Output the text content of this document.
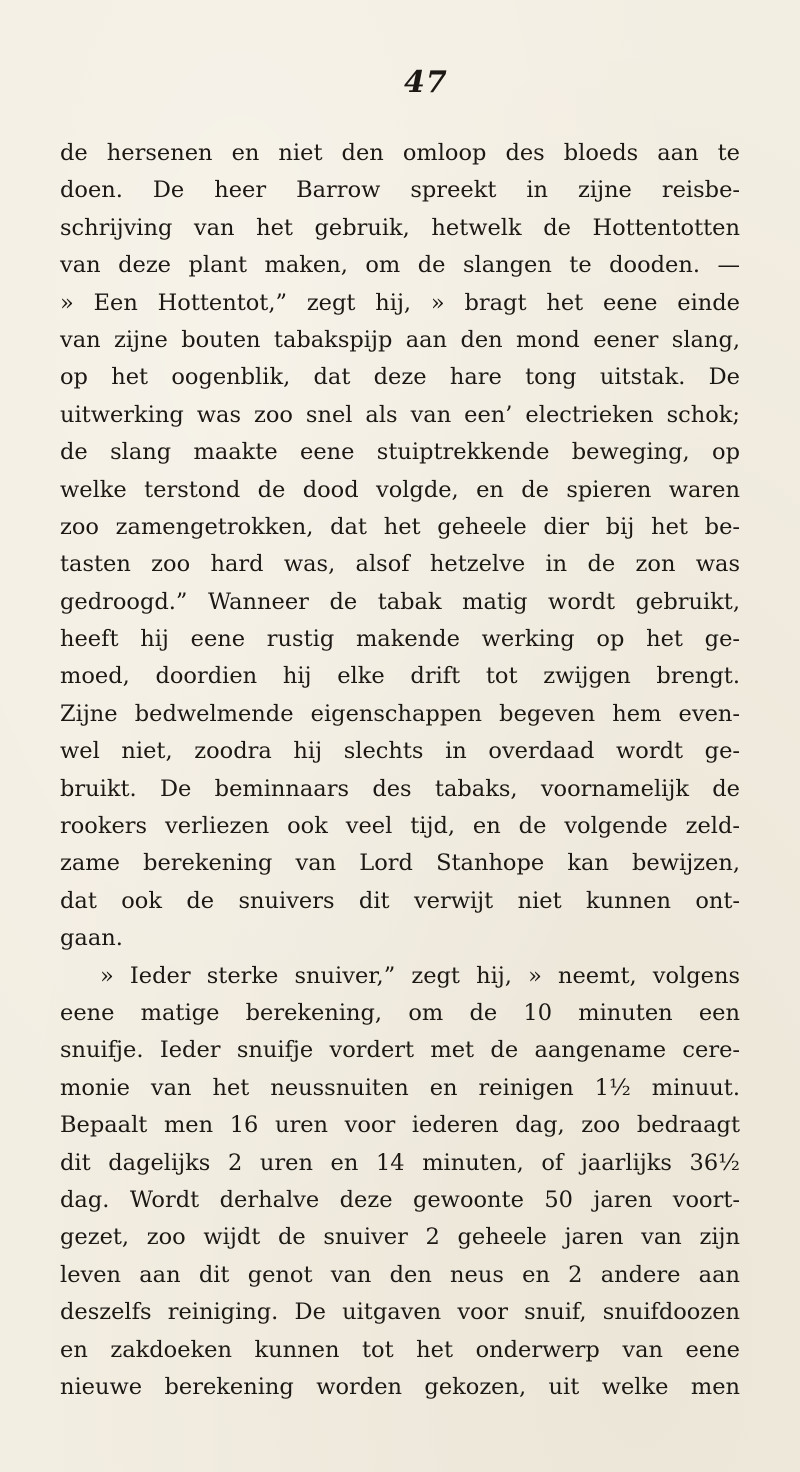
47
de hersenen en niet den omloop des bloeds aan te
doen. De heer Barrow spreekt in zijne reisbe-
schrijving van het gebruik, hetwelk de Hottentotten
van deze plant maken, om de slangen te dooden. —
» Een Hottentot,” zegt hij, » bragt het eene einde
van zijne bouten tabakspijp aan den mond eener slang,
op het oogenblik, dat deze hare tong uitstak. De
uitwerking was zoo snel als van een’ electrieken schok;
de slang maakte eene stuiptrekkende beweging, op
welke terstond de dood volgde, en de spieren waren
zoo zamengetrokken, dat het geheele dier bij het be-
tasten zoo hard was, alsof hetzelve in de zon was
gedroogd.” Wanneer de tabak matig wordt gebruikt,
heeft hij eene rustig makende werking op het ge-
moed, doordien hij elke drift tot zwijgen brengt.
Zijne bedwelmende eigenschappen begeven hem even-
wel niet, zoodra hij slechts in overdaad wordt ge-
bruikt. De beminnaars des tabaks, voornamelijk de
rookers verliezen ook veel tijd, en de volgende zeld-
zame berekening van Lord Stanhope kan bewijzen,
dat ook de snuivers dit verwijt niet kunnen ont-
gaan.
» Ieder sterke snuiver,” zegt hij, » neemt, volgens
eene matige berekening, om de 10 minuten een
snuifje. Ieder snuifje vordert met de aangename cere-
monie van het neussnuiten en reinigen 1½ minuut.
Bepaalt men 16 uren voor iederen dag, zoo bedraagt
dit dagelijks 2 uren en 14 minuten, of jaarlijks 36½
dag. Wordt derhalve deze gewoonte 50 jaren voort-
gezet, zoo wijdt de snuiver 2 geheele jaren van zijn
leven aan dit genot van den neus en 2 andere aan
deszelfs reiniging. De uitgaven voor snuif, snuifdoozen
en zakdoeken kunnen tot het onderwerp van eene
nieuwe berekening worden gekozen, uit welke men
